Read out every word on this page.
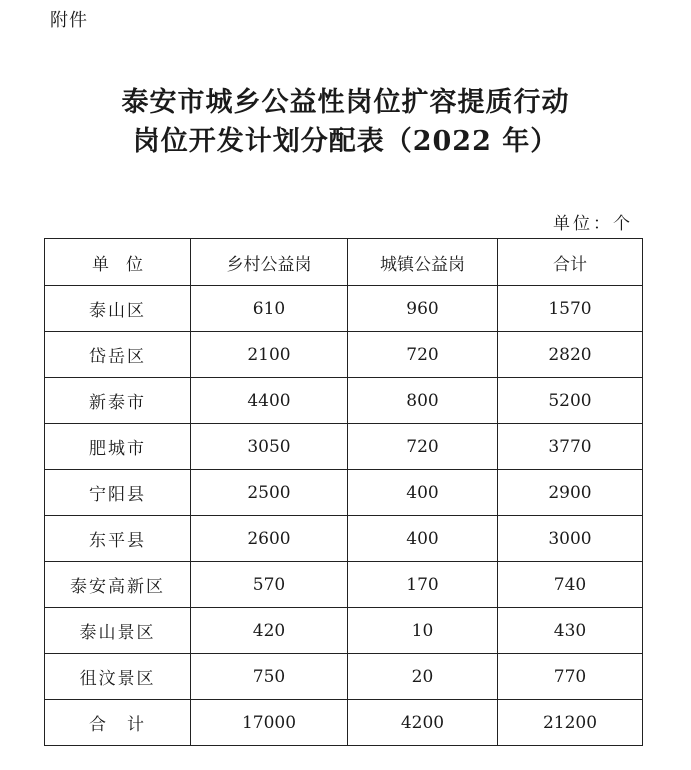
附件
泰安市城乡公益性岗位扩容提质行动
岗位开发计划分配表（2022 年）
单位：个
单　位	乡村公益岗	城镇公益岗	合计
泰山区	610	960	1570
岱岳区	2100	720	2820
新泰市	4400	800	5200
肥城市	3050	720	3770
宁阳县	2500	400	2900
东平县	2600	400	3000
泰安高新区	570	170	740
泰山景区	420	10	430
徂汶景区	750	20	770
合　计	17000	4200	21200
